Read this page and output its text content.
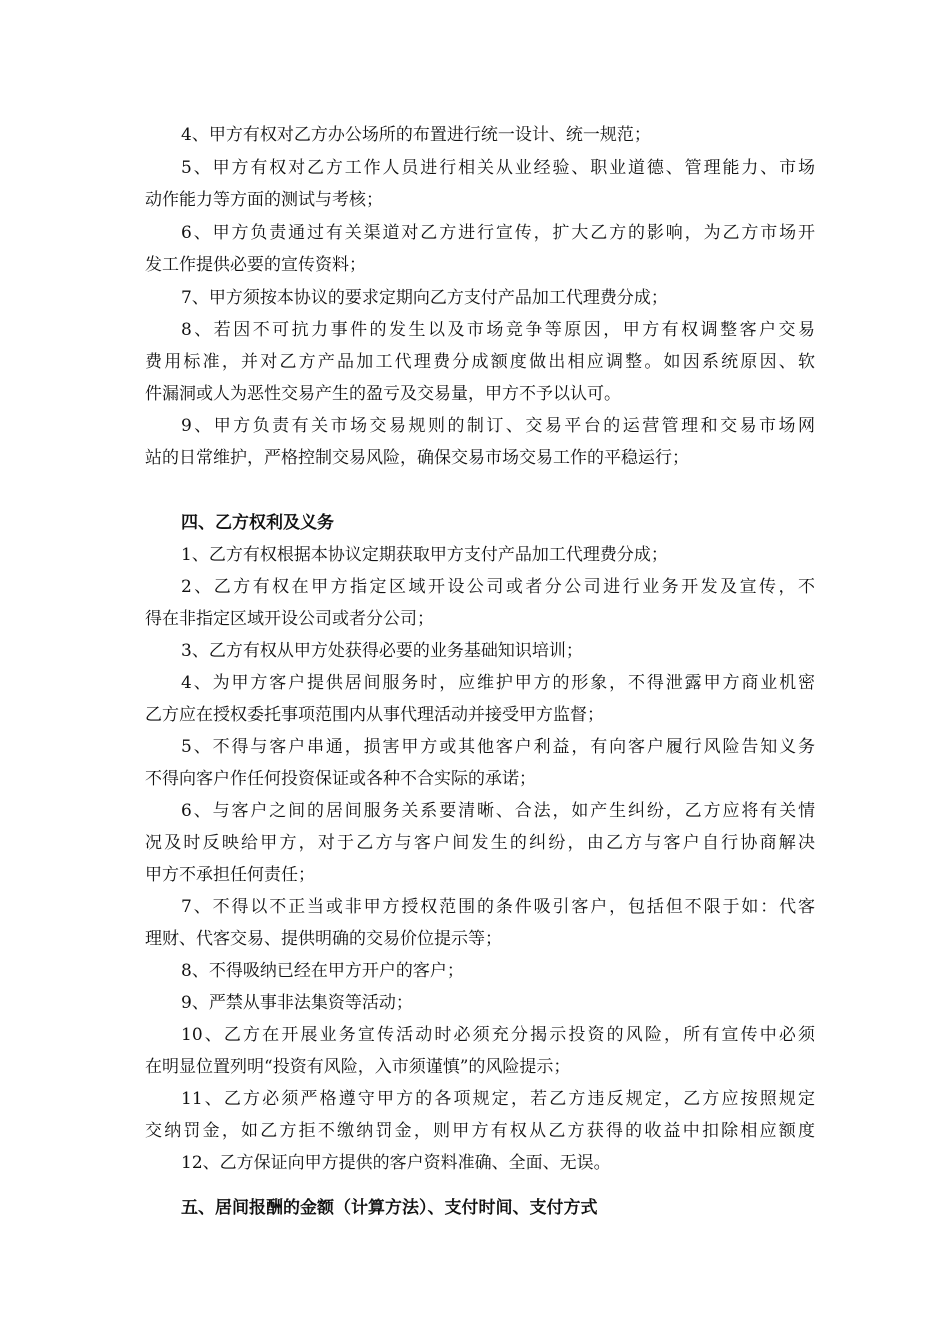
4、甲方有权对乙方办公场所的布置进行统一设计、统一规范；
5、甲方有权对乙方工作人员进行相关从业经验、职业道德、管理能力、市场
动作能力等方面的测试与考核；
6、甲方负责通过有关渠道对乙方进行宣传，扩大乙方的影响，为乙方市场开
发工作提供必要的宣传资料；
7、甲方须按本协议的要求定期向乙方支付产品加工代理费分成；
8、若因不可抗力事件的发生以及市场竞争等原因，甲方有权调整客户交易
费用标准，并对乙方产品加工代理费分成额度做出相应调整。如因系统原因、软
件漏洞或人为恶性交易产生的盈亏及交易量，甲方不予以认可。
9、甲方负责有关市场交易规则的制订、交易平台的运营管理和交易市场网
站的日常维护，严格控制交易风险，确保交易市场交易工作的平稳运行；
四、乙方权利及义务
1、乙方有权根据本协议定期获取甲方支付产品加工代理费分成；
2、乙方有权在甲方指定区域开设公司或者分公司进行业务开发及宣传，不
得在非指定区域开设公司或者分公司；
3、乙方有权从甲方处获得必要的业务基础知识培训；
4、为甲方客户提供居间服务时，应维护甲方的形象，不得泄露甲方商业机密
乙方应在授权委托事项范围内从事代理活动并接受甲方监督；
5、不得与客户串通，损害甲方或其他客户利益，有向客户履行风险告知义务
不得向客户作任何投资保证或各种不合实际的承诺；
6、与客户之间的居间服务关系要清晰、合法，如产生纠纷，乙方应将有关情
况及时反映给甲方，对于乙方与客户间发生的纠纷，由乙方与客户自行协商解决
甲方不承担任何责任；
7、不得以不正当或非甲方授权范围的条件吸引客户，包括但不限于如：代客
理财、代客交易、提供明确的交易价位提示等；
8、不得吸纳已经在甲方开户的客户；
9、严禁从事非法集资等活动；
10、乙方在开展业务宣传活动时必须充分揭示投资的风险，所有宣传中必须
在明显位置列明“投资有风险，入市须谨慎”的风险提示；
11、乙方必须严格遵守甲方的各项规定，若乙方违反规定，乙方应按照规定
交纳罚金，如乙方拒不缴纳罚金，则甲方有权从乙方获得的收益中扣除相应额度
12、乙方保证向甲方提供的客户资料准确、全面、无误。
五、居间报酬的金额（计算方法）、支付时间、支付方式
